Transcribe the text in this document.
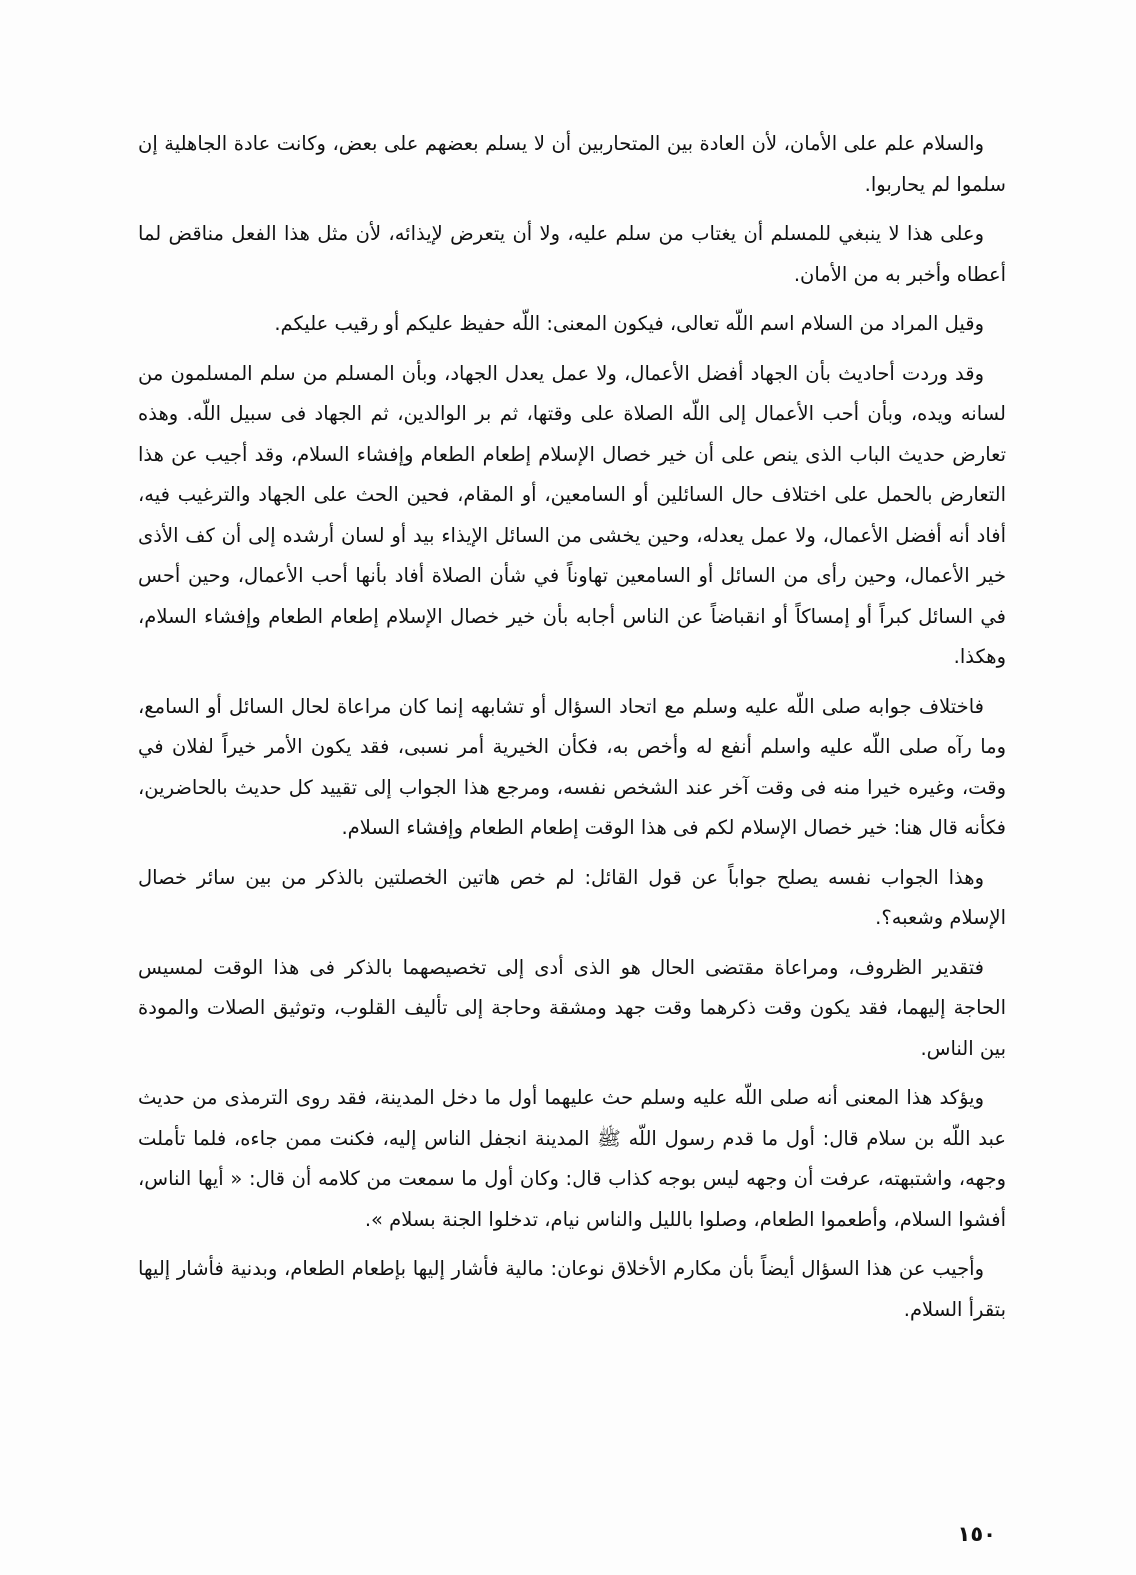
والسلام علم على الأمان، لأن العادة بين المتحاربين أن لا يسلم بعضهم على بعض، وكانت عادة الجاهلية إن سلموا لم يحاربوا.

وعلى هذا لا ينبغي للمسلم أن يغتاب من سلم عليه، ولا أن يتعرض لإيذائه، لأن مثل هذا الفعل مناقض لما أعطاه وأخبر به من الأمان.

وقيل المراد من السلام اسم اللّه تعالى، فيكون المعنى: اللّه حفيظ عليكم أو رقيب عليكم.

وقد وردت أحاديث بأن الجهاد أفضل الأعمال، ولا عمل يعدل الجهاد، وبأن المسلم من سلم المسلمون من لسانه ويده، وبأن أحب الأعمال إلى اللّه الصلاة على وقتها، ثم بر الوالدين، ثم الجهاد فى سبيل اللّه. وهذه تعارض حديث الباب الذى ينص على أن خير خصال الإسلام إطعام الطعام وإفشاء السلام، وقد أجيب عن هذا التعارض بالحمل على اختلاف حال السائلين أو السامعين، أو المقام، فحين الحث على الجهاد والترغيب فيه، أفاد أنه أفضل الأعمال، ولا عمل يعدله، وحين يخشى من السائل الإيذاء بيد أو لسان أرشده إلى أن كف الأذى خير الأعمال، وحين رأى من السائل أو السامعين تهاوناً في شأن الصلاة أفاد بأنها أحب الأعمال، وحين أحس في السائل كبراً أو إمساكاً أو انقباضاً عن الناس أجابه بأن خير خصال الإسلام إطعام الطعام وإفشاء السلام، وهكذا.

فاختلاف جوابه صلى اللّه عليه وسلم مع اتحاد السؤال أو تشابهه إنما كان مراعاة لحال السائل أو السامع، وما رآه صلى اللّه عليه واسلم أنفع له وأخص به، فكأن الخيرية أمر نسبى، فقد يكون الأمر خيراً لفلان في وقت، وغيره خيرا منه فى وقت آخر عند الشخص نفسه، ومرجع هذا الجواب إلى تقييد كل حديث بالحاضرين، فكأنه قال هنا: خير خصال الإسلام لكم فى هذا الوقت إطعام الطعام وإفشاء السلام.

وهذا الجواب نفسه يصلح جواباً عن قول القائل: لم خص هاتين الخصلتين بالذكر من بين سائر خصال الإسلام وشعبه؟.

فتقدير الظروف، ومراعاة مقتضى الحال هو الذى أدى إلى تخصيصهما بالذكر فى هذا الوقت لمسيس الحاجة إليهما، فقد يكون وقت ذكرهما وقت جهد ومشقة وحاجة إلى تأليف القلوب، وتوثيق الصلات والمودة بين الناس.

ويؤكد هذا المعنى أنه صلى اللّه عليه وسلم حث عليهما أول ما دخل المدينة، فقد روى الترمذى من حديث عبد اللّه بن سلام قال: أول ما قدم رسول اللّه ﷺ المدينة انجفل الناس إليه، فكنت ممن جاءه، فلما تأملت وجهه، واشتبهته، عرفت أن وجهه ليس بوجه كذاب قال: وكان أول ما سمعت من كلامه أن قال: « أيها الناس، أفشوا السلام، وأطعموا الطعام، وصلوا بالليل والناس نيام، تدخلوا الجنة بسلام ».

وأجيب عن هذا السؤال أيضاً بأن مكارم الأخلاق نوعان: مالية فأشار إليها بإطعام الطعام، وبدنية فأشار إليها بتقرأ السلام.

١٥٠
